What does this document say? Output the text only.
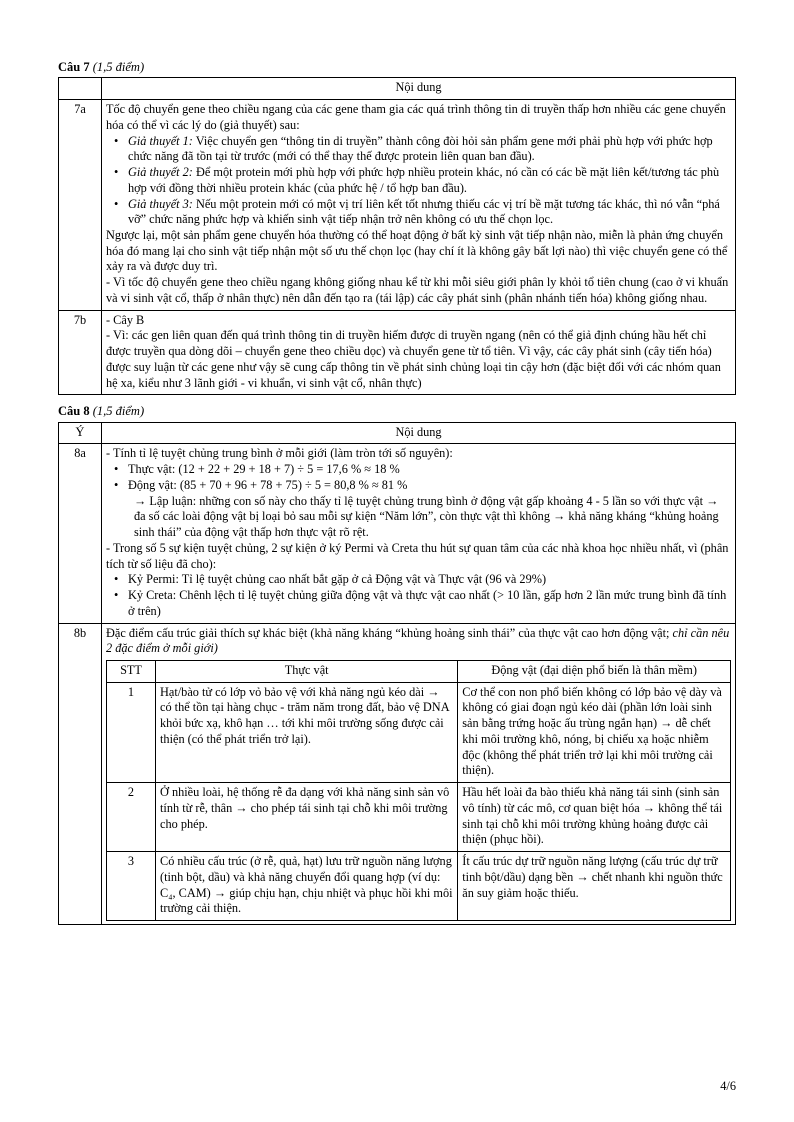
Câu 7 (1,5 điểm)

	Nội dung
7a	Tốc độ chuyển gene theo chiều ngang của các gene tham gia các quá trình thông tin di truyền thấp hơn nhiều các gene chuyển hóa có thể vì các lý do (giả thuyết) sau:

• Giả thuyết 1: Việc chuyển gen “thông tin di truyền” thành công đòi hỏi sản phẩm gene mới phải phù hợp với phức hợp chức năng đã tồn tại từ trước (mới có thể thay thế được protein liên quan ban đầu).
• Giả thuyết 2: Để một protein mới phù hợp với phức hợp nhiều protein khác, nó cần có các bề mặt liên kết/tương tác phù hợp với đồng thời nhiều protein khác (của phức hệ / tổ hợp ban đầu).
• Giả thuyết 3: Nếu một protein mới có một vị trí liên kết tốt nhưng thiếu các vị trí bề mặt tương tác khác, thì nó vẫn “phá vỡ” chức năng phức hợp và khiến sinh vật tiếp nhận trở nên không có ưu thế chọn lọc.

Ngược lại, một sản phẩm gene chuyển hóa thường có thể hoạt động ở bất kỳ sinh vật tiếp nhận nào, miễn là phản ứng chuyển hóa đó mang lại cho sinh vật tiếp nhận một số ưu thế chọn lọc (hay chí ít là không gây bất lợi nào) thì việc chuyển gene có thể xảy ra và được duy trì.

- Vì tốc độ chuyển gene theo chiều ngang không giống nhau kể từ khi mỗi siêu giới phân ly khỏi tổ tiên chung (cao ở vi khuẩn và vi sinh vật cổ, thấp ở nhân thực) nên dẫn đến tạo ra (tái lập) các cây phát sinh (phân nhánh tiến hóa) không giống nhau.

7b	- Cây B

- Vì: các gen liên quan đến quá trình thông tin di truyền hiếm được di truyền ngang (nên có thể giả định chúng hầu hết chỉ được truyền qua dòng dõi – chuyển gene theo chiều dọc) và chuyển gene từ tổ tiên. Vì vậy, các cây phát sinh (cây tiến hóa) được suy luận từ các gene như vậy sẽ cung cấp thông tin về phát sinh chủng loại tin cậy hơn (đặc biệt đối với các nhóm quan hệ xa, kiểu như 3 lãnh giới - vi khuẩn, vi sinh vật cổ, nhân thực)

Câu 8 (1,5 điểm)

Ý	Nội dung
8a	- Tính tỉ lệ tuyệt chủng trung bình ở mỗi giới (làm tròn tới số nguyên):

• Thực vật: (12 + 22 + 29 + 18 + 7) ÷ 5 = 17,6 % ≈ 18 %
• Động vật: (85 + 70 + 96 + 78 + 75) ÷ 5 = 80,8 % ≈ 81 %

→ Lập luận: những con số này cho thấy tỉ lệ tuyệt chủng trung bình ở động vật gấp khoảng 4 - 5 lần so với thực vật → đa số các loài động vật bị loại bỏ sau mỗi sự kiện “Năm lớn”, còn thực vật thì không → khả năng kháng “khủng hoảng sinh thái” của động vật thấp hơn thực vật rõ rệt.

- Trong số 5 sự kiện tuyệt chủng, 2 sự kiện ở ký Permi và Creta thu hút sự quan tâm của các nhà khoa học nhiều nhất, vì (phân tích từ số liệu đã cho):

• Kỷ Permi: Tỉ lệ tuyệt chủng cao nhất bắt gặp ở cả Động vật và Thực vật (96 và 29%)
• Kỷ Creta: Chênh lệch tỉ lệ tuyệt chủng giữa động vật và thực vật cao nhất (> 10 lần, gấp hơn 2 lần mức trung bình đã tính ở trên)

8b	Đặc điểm cấu trúc giải thích sự khác biệt (khả năng kháng “khủng hoảng sinh thái” của thực vật cao hơn động vật; chỉ cần nêu 2 đặc điểm ở mỗi giới)

STT	Thực vật	Động vật (đại diện phổ biến là thân mềm)
1	Hạt/bào tử có lớp vỏ bảo vệ với khả năng ngủ kéo dài → có thể tồn tại hàng chục - trăm năm trong đất, bảo vệ DNA khỏi bức xạ, khô hạn … tới khi môi trường sống được cải thiện (có thể phát triển trở lại).	Cơ thể con non phổ biến không có lớp bảo vệ dày và không có giai đoạn ngủ kéo dài (phần lớn loài sinh sản bằng trứng hoặc ấu trùng ngắn hạn) → dễ chết khi môi trường khô, nóng, bị chiếu xạ hoặc nhiễm độc (không thể phát triển trở lại khi môi trường cải thiện).
2	Ở nhiều loài, hệ thống rễ đa dạng với khả năng sinh sản vô tính từ rễ, thân → cho phép tái sinh tại chỗ khi môi trường cho phép.	Hầu hết loài đa bào thiếu khả năng tái sinh (sinh sản vô tính) từ các mô, cơ quan biệt hóa → không thể tái sinh tại chỗ khi môi trường khủng hoảng được cải thiện (phục hồi).
3	Có nhiều cấu trúc (ở rễ, quả, hạt) lưu trữ nguồn năng lượng (tinh bột, dầu) và khả năng chuyển đổi quang hợp (ví dụ: C₄, CAM) → giúp chịu hạn, chịu nhiệt và phục hồi khi môi trường cải thiện.	Ít cấu trúc dự trữ nguồn năng lượng (cấu trúc dự trữ tinh bột/dầu) dạng bền → chết nhanh khi nguồn thức ăn suy giảm hoặc thiếu.
4/6
